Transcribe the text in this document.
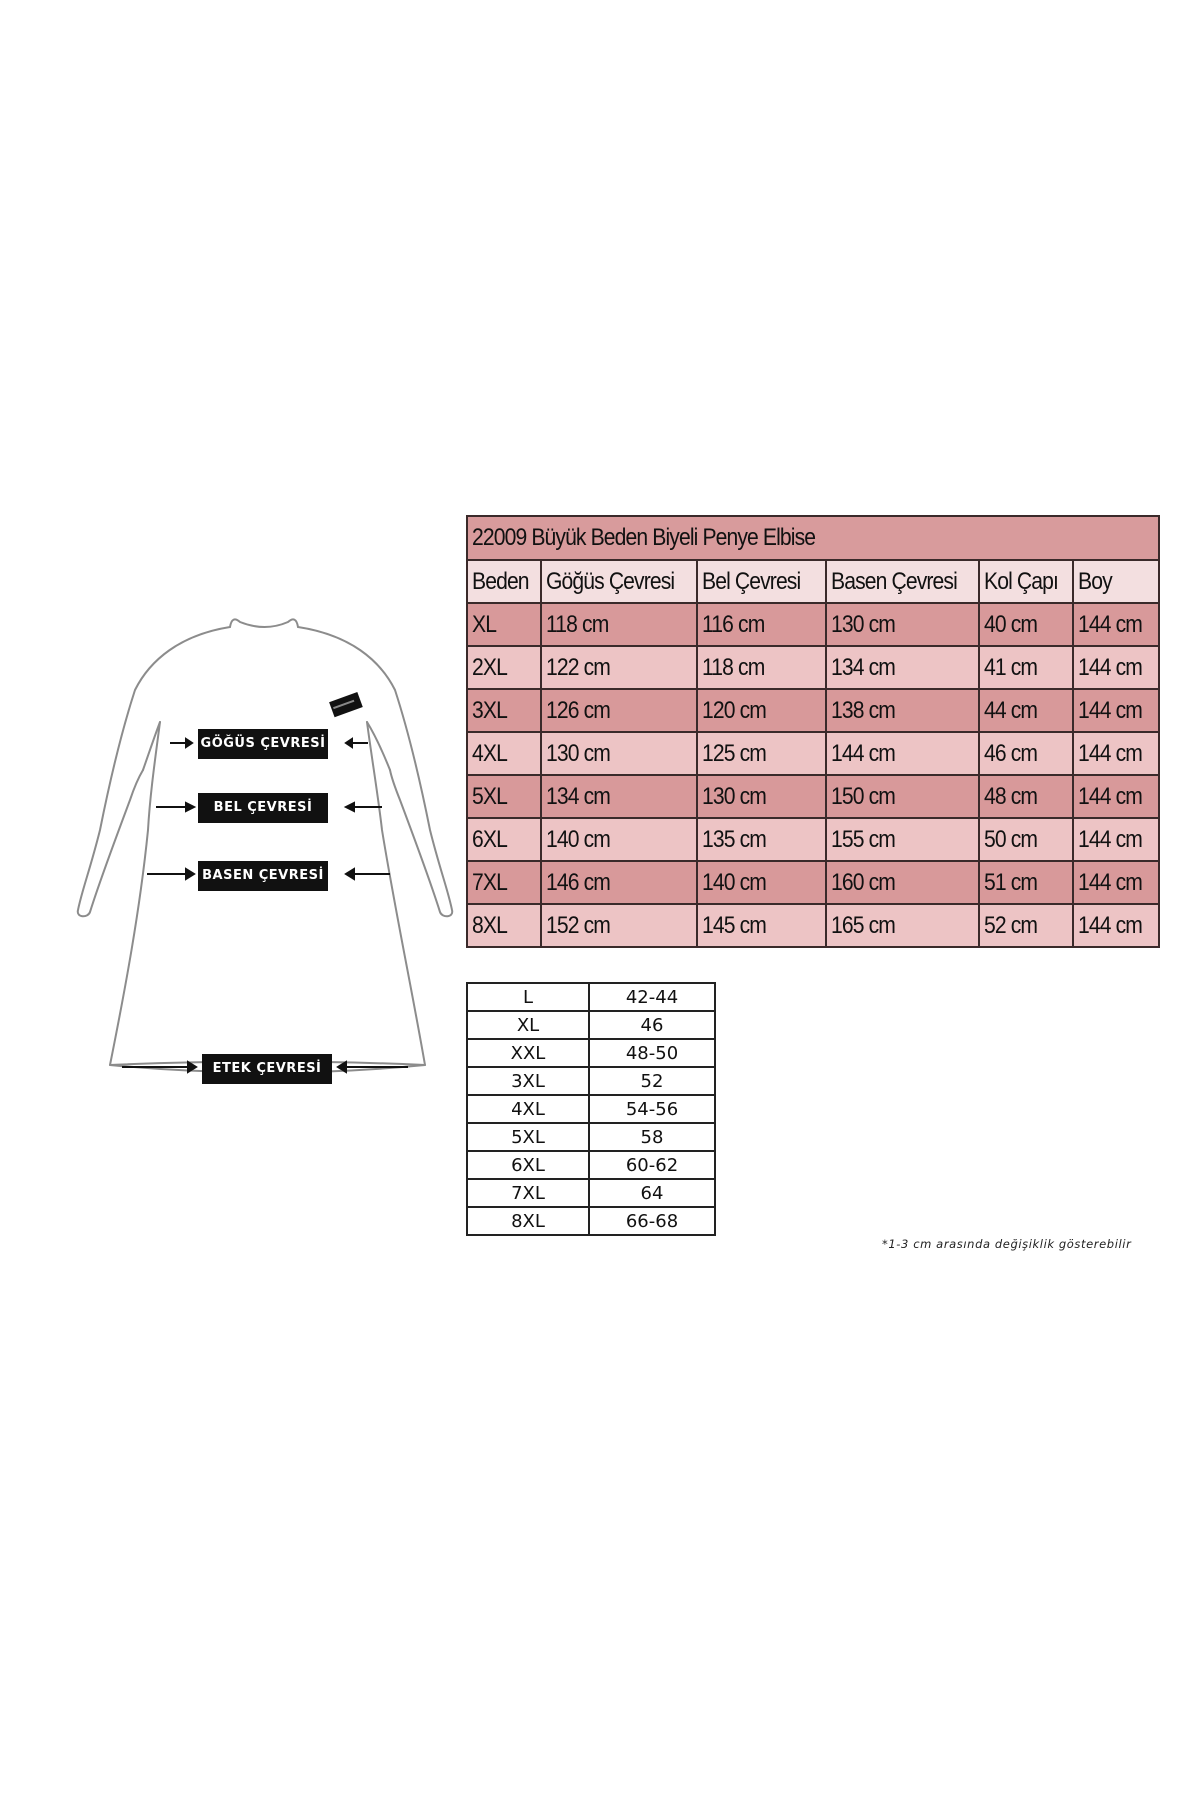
GÖĞÜS ÇEVRESİ
BEL ÇEVRESİ
BASEN ÇEVRESİ
ETEK ÇEVRESİ
22009 Büyük Beden Biyeli Penye Elbise					
Beden	Göğüs Çevresi	Bel Çevresi	Basen Çevresi	Kol Çapı	Boy
XL	118 cm	116 cm	130 cm	40 cm	144 cm
2XL	122 cm	118 cm	134 cm	41 cm	144 cm
3XL	126 cm	120 cm	138 cm	44 cm	144 cm
4XL	130 cm	125 cm	144 cm	46 cm	144 cm
5XL	134 cm	130 cm	150 cm	48 cm	144 cm
6XL	140 cm	135 cm	155 cm	50 cm	144 cm
7XL	146 cm	140 cm	160 cm	51 cm	144 cm
8XL	152 cm	145 cm	165 cm	52 cm	144 cm
L	42-44
XL	46
XXL	48-50
3XL	52
4XL	54-56
5XL	58
6XL	60-62
7XL	64
8XL	66-68
*1-3 cm arasında değişiklik gösterebilir
